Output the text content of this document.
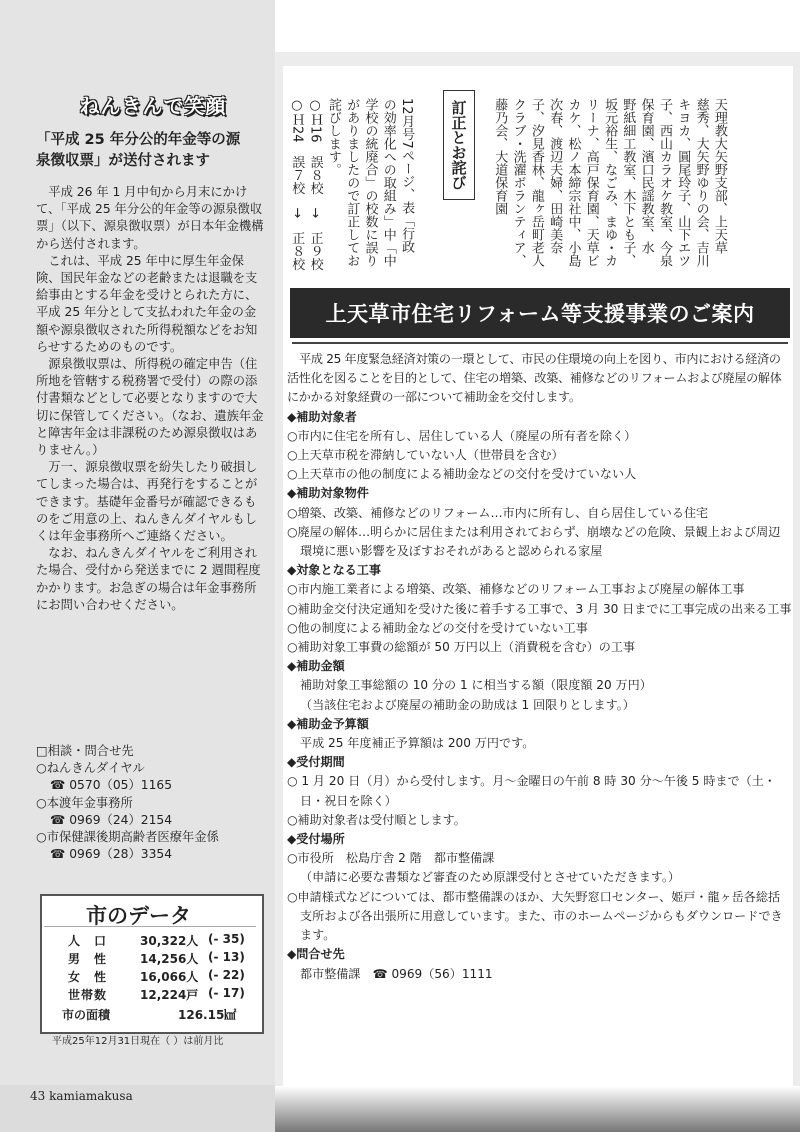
ねんきんで笑顔
「平成 25 年分公的年金等の源
泉徴収票」が送付されます

平成 26 年 1 月中旬から月末にかけて、「平成 25 年分公的年金等の源泉徴収票」（以下、源泉徴収票）が日本年金機構から送付されます。

これは、平成 25 年中に厚生年金保険、国民年金などの老齢または退職を支給事由とする年金を受けとられた方に、平成 25 年分として支払われた年金の金額や源泉徴収された所得税額などをお知らせするためのものです。

源泉徴収票は、所得税の確定申告（住所地を管轄する税務署で受付）の際の添付書類などとして必要となりますので大切に保管してください。（なお、遺族年金と障害年金は非課税のため源泉徴収はありません。）

万一、源泉徴収票を紛失したり破損してしまった場合は、再発行をすることができます。基礎年金番号が確認できるものをご用意の上、ねんきんダイヤルもしくは年金事務所へご連絡ください。

なお、ねんきんダイヤルをご利用された場合、受付から発送までに 2 週間程度かかります。お急ぎの場合は年金事務所にお問い合わせください。

□相談・問合せ先
○ねんきんダイヤル
☎ 0570（05）1165
○本渡年金事務所
☎ 0969（24）2154
○市保健課後期高齢者医療年金係
☎ 0969（28）3354
市のデータ
人　口	30,322人 (- 35)
男　性	14,256人 (- 13)
女　性	16,066人 (- 22)
世帯数	12,224戸 (- 17)
市の面積	126.15㎢
平成25年12月31日現在（ ）は前月比
43 kamiamakusa
天理教大矢野支部、上天草
慈秀、大矢野ゆりの会、吉川
キヨカ、圓尾玲子、山下エツ
子、西山カラオケ教室、今泉
保育園、濱口民謡教室、水
野紙細工教室、木下とも子、
坂元裕生、なごみ、まゆ・カ
リーナ、高戸保育園、天草ビ
カケ、松ノ本締宗社中、小島
次春、渡辺夫婦、田崎美奈
子、汐見香林、龍ヶ岳町老人
クラブ・洗濯ボランティア、
藤乃会、大道保育園
訂正とお詫び
12月号7ページ、表「行政
の効率化への取組み」中「中
学校の統廃合」の校数に誤り
がありましたので訂正してお
詫びします。
○Ｈ16　誤８校　→　正９校
○Ｈ24　誤７校　→　正８校
上天草市住宅リフォーム等支援事業のご案内
平成 25 年度緊急経済対策の一環として、市民の住環境の向上を図り、市内における経済の活性化を図ることを目的として、住宅の増築、改築、補修などのリフォームおよび廃屋の解体にかかる対象経費の一部について補助金を交付します。
◆補助対象者
○市内に住宅を所有し、居住している人（廃屋の所有者を除く）
○上天草市税を滞納していない人（世帯員を含む）
○上天草市の他の制度による補助金などの交付を受けていない人
◆補助対象物件
○増築、改築、補修などのリフォーム…市内に所有し、自ら居住している住宅
○廃屋の解体…明らかに居住または利用されておらず、崩壊などの危険、景観上および周辺環境に悪い影響を及ぼすおそれがあると認められる家屋
◆対象となる工事
○市内施工業者による増築、改築、補修などのリフォーム工事および廃屋の解体工事
○補助金交付決定通知を受けた後に着手する工事で、3 月 30 日までに工事完成の出来る工事
○他の制度による補助金などの交付を受けていない工事
○補助対象工事費の総額が 50 万円以上（消費税を含む）の工事
◆補助金額
補助対象工事総額の 10 分の 1 に相当する額（限度額 20 万円）
（当該住宅および廃屋の補助金の助成は 1 回限りとします。）
◆補助金予算額
平成 25 年度補正予算額は 200 万円です。
◆受付期間
○ 1 月 20 日（月）から受付します。月～金曜日の午前 8 時 30 分～午後 5 時まで（土・日・祝日を除く）
○補助対象者は受付順とします。
◆受付場所
○市役所　松島庁舎 2 階　都市整備課
（申請に必要な書類など審査のため原課受付とさせていただきます。）
○申請様式などについては、都市整備課のほか、大矢野窓口センター、姫戸・龍ヶ岳各総括支所および各出張所に用意しています。また、市のホームページからもダウンロードできます。
◆問合せ先
都市整備課　☎ 0969（56）1111
